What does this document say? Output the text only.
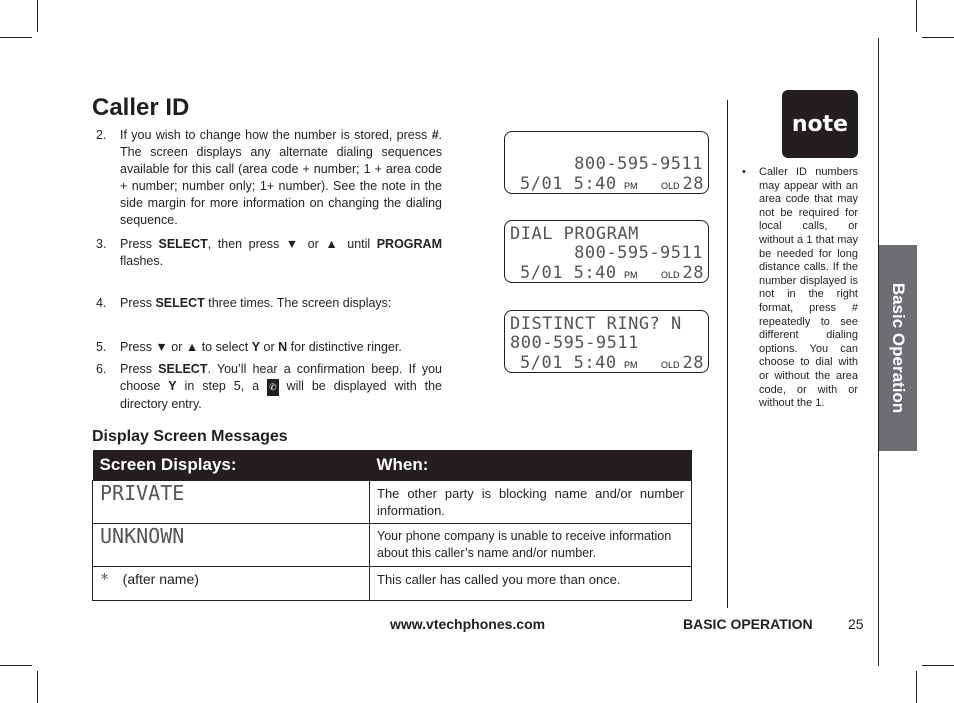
Caller ID
2.	If you wish to change how the number is stored, press #. The screen displays any alternate dialing sequences available for this call (area code + number; 1 + area code + number; number only; 1+ number). See the note in the side margin for more information on changing the dialing sequence.
3.	Press SELECT, then press ▼ or ▲ until PROGRAM flashes.
4.	Press SELECT three times. The screen displays:
5.	Press ▼ or ▲ to select Y or N for distinctive ringer.
6.	Press SELECT. You’ll hear a confirmation beep. If you choose Y in step 5, a ✆ will be displayed with the directory entry.
800-595-9511
5/01 5:40 PM	OLD 28
DIAL PROGRAM
800-595-9511
5/01 5:40 PM	OLD 28
DISTINCT RING? N
800-595-9511
5/01 5:40 PM	OLD 28
Display Screen Messages
Screen Displays:	When:
PRIVATE	The other party is blocking name and/or number information.
UNKNOWN	Your phone company is unable to receive information about this caller’s name and/or number.
* (after name)	This caller has called you more than once.
note
•	Caller ID numbers may appear with an area code that may not be required for local calls, or without a 1 that may be needed for long distance calls. If the number displayed is not in the right format, press # repeatedly to see different dialing options. You can choose to dial with or without the area code, or with or without the 1.	Basic Operation
www.vtechphones.com	BASIC OPERATION	25
